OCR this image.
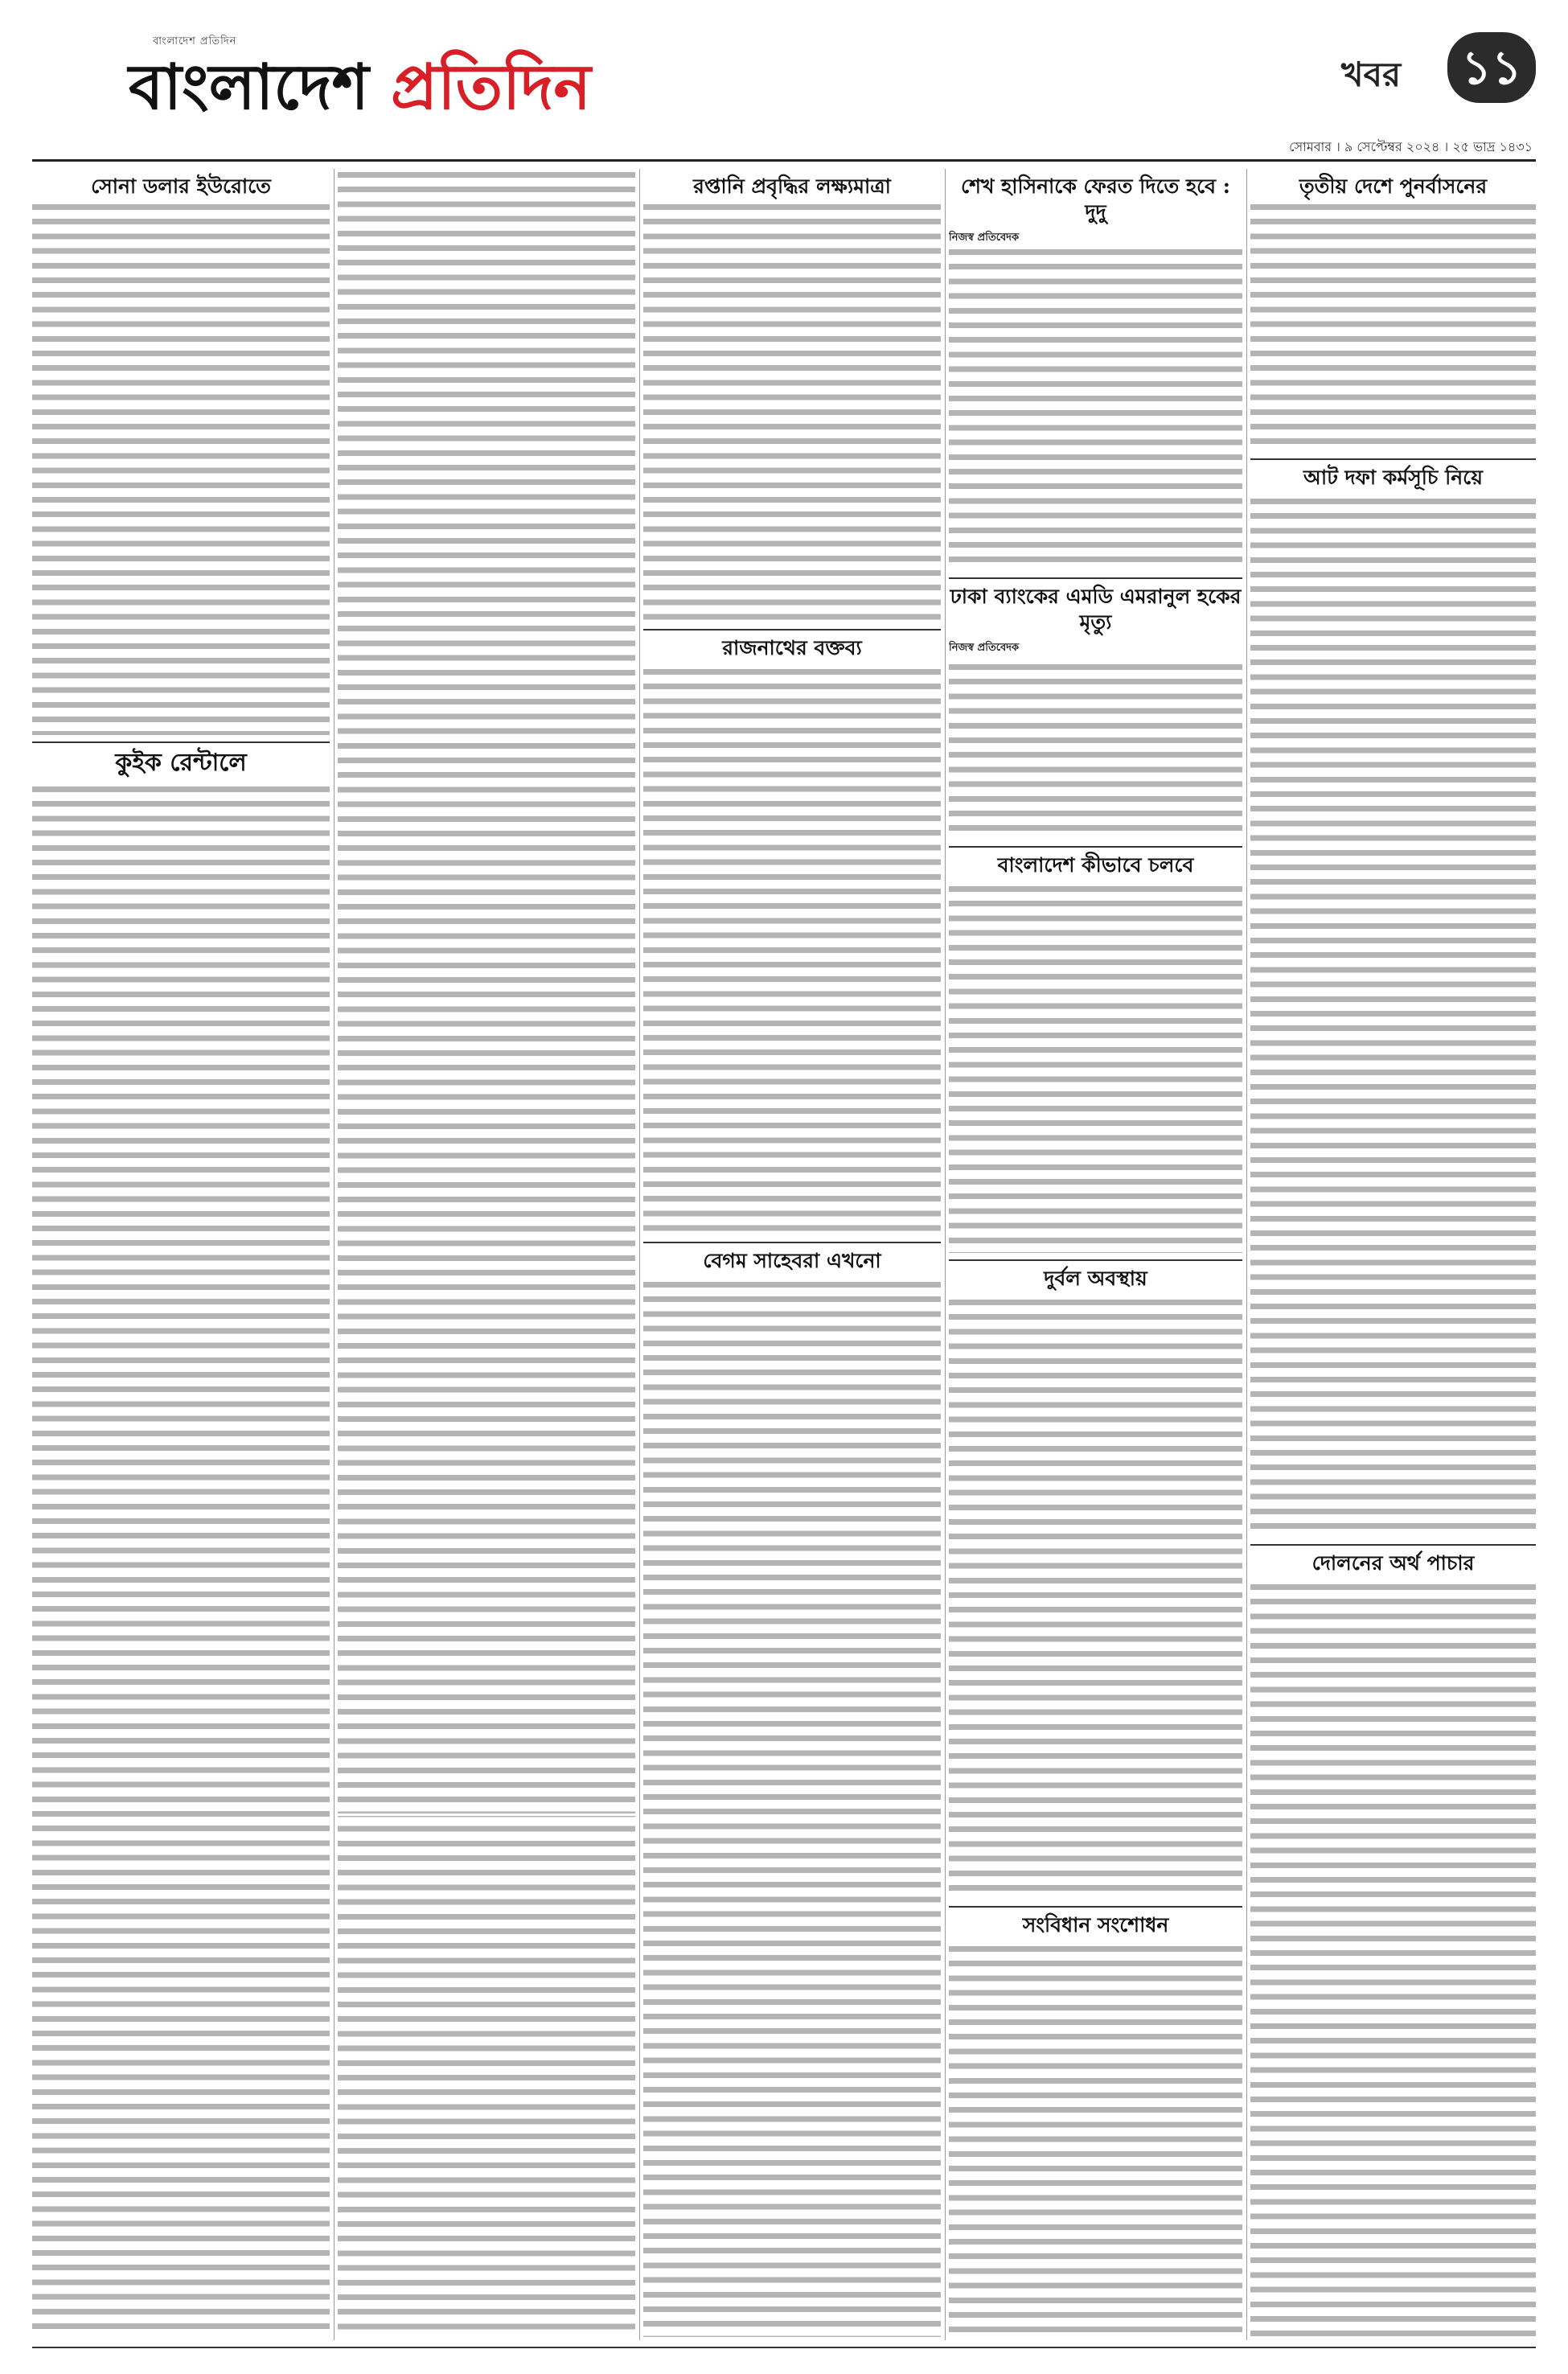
বাংলাদেশ প্রতিদিন
বাংলাদেশ প্রতিদিন	খবর ১১
সোমবার । ৯ সেপ্টেম্বর ২০২৪ । ২৫ ভাদ্র ১৪৩১
সোনা ডলার ইউরোতে
কুইক রেন্টালে
রপ্তানি প্রবৃদ্ধির লক্ষ্যমাত্রা
রাজনাথের বক্তব্য
বেগম সাহেবরা এখনো
শেখ হাসিনাকে ফেরত দিতে হবে : দুদু
নিজস্ব প্রতিবেদক
ঢাকা ব্যাংকের এমডি এমরানুল হকের মৃত্যু
নিজস্ব প্রতিবেদক
বাংলাদেশ কীভাবে চলবে
দুর্বল অবস্থায়
সংবিধান সংশোধন
তৃতীয় দেশে পুনর্বাসনের
আট দফা কর্মসূচি নিয়ে
দোলনের অর্থ পাচার
